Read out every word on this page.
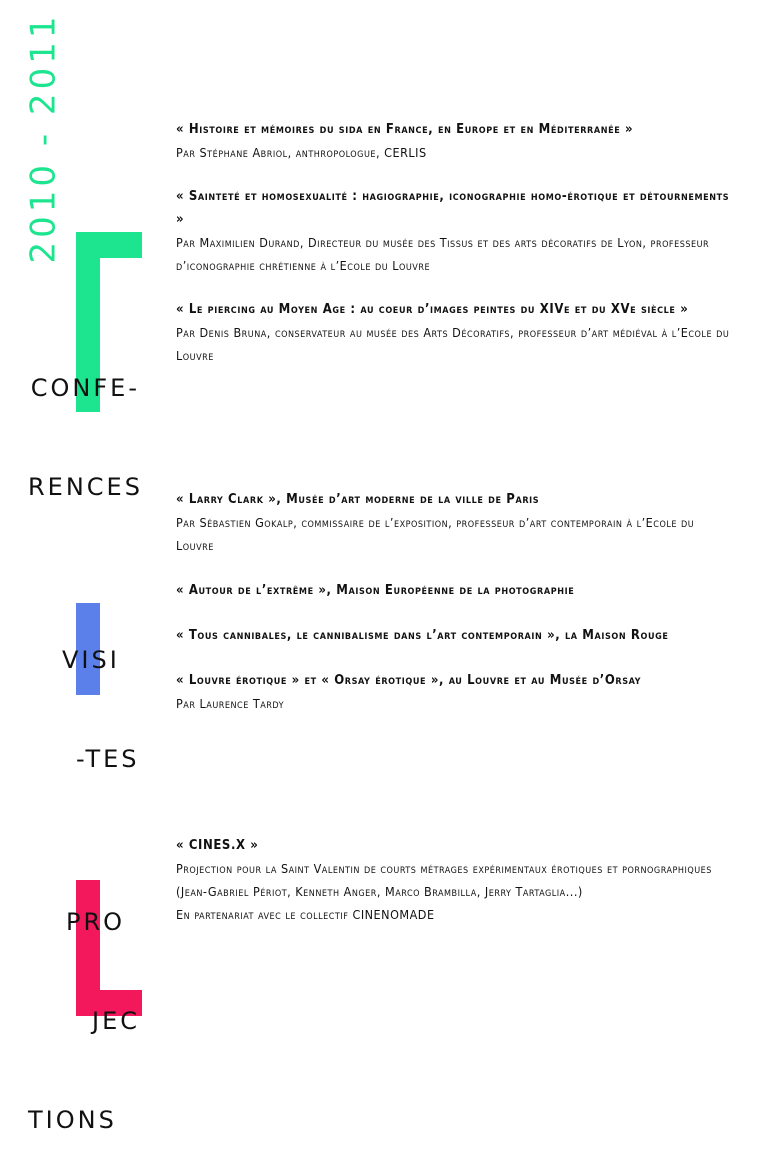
2010 - 2011

CONFE-

RENCES

« Histoire et mémoires du sida en France, en Europe et en Méditerranée »

Par Stéphane Abriol, anthropologue, CERLIS

« Sainteté et homosexualité : hagiographie, iconographie homo-érotique et détournements »

Par Maximilien Durand, Directeur du musée des Tissus et des arts décoratifs de Lyon, professeur d’iconographie chrétienne à l’Ecole du Louvre

« Le piercing au Moyen Age : au coeur d’images peintes du XIVe et du XVe siècle »

Par Denis Bruna, conservateur au musée des Arts Décoratifs, professeur d’art médiéval à l’Ecole du Louvre

VISI

-TES

« Larry Clark », Musée d’art moderne de la ville de Paris

Par Sébastien Gokalp, commissaire de l’exposition, professeur d’art contemporain à l’Ecole du Louvre

« Autour de l’extrême », Maison Européenne de la photographie

« Tous cannibales, le cannibalisme dans l’art contemporain », la Maison Rouge

« Louvre érotique » et « Orsay érotique », au Louvre et au Musée d’Orsay

Par Laurence Tardy

PRO

JEC

TIONS

« CINES.X »

Projection pour la Saint Valentin de courts métrages expérimentaux érotiques et pornographiques (Jean-Gabriel Périot, Kenneth Anger, Marco Brambilla, Jerry Tartaglia...)

En partenariat avec le collectif CINENOMADE
